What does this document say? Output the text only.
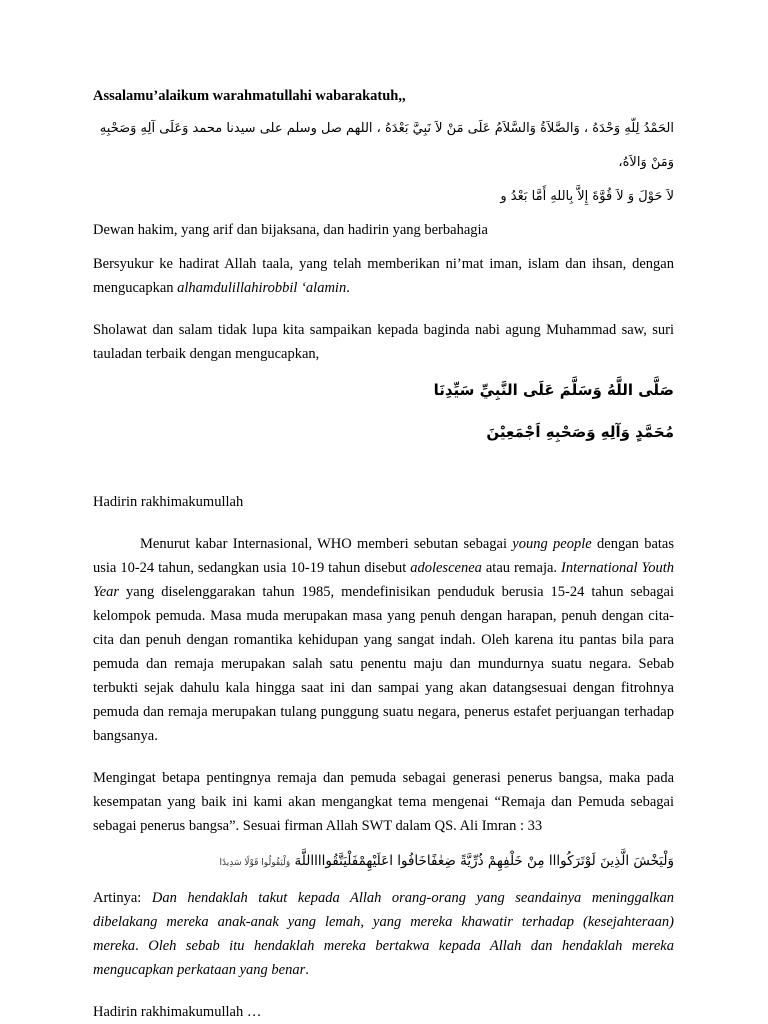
Assalamu’alaikum warahmatullahi wabarakatuh,,

الحَمْدُ لِلّهِ وَحْدَهُ ، وَالصَّلاَةُ وَالسَّلاَمُ عَلَى مَنْ لاَ نَبِيَّ بَعْدَهُ ، اللهم صل وسلم على سيدنا محمد وَعَلَى آلِهِ وَصَحْبِهِ وَمَنْ وَالاَهُ،

لاَ حَوْلَ وَ لاَ قُوَّةَ إِلاَّ بِاللهِ أَمَّا بَعْدُ و

Dewan hakim, yang arif dan bijaksana, dan hadirin yang berbahagia

Bersyukur ke hadirat Allah taala, yang telah memberikan ni’mat iman, islam dan ihsan, dengan mengucapkan alhamdulillahirobbil ‘alamin.

Sholawat dan salam tidak lupa kita sampaikan kepada baginda nabi agung Muhammad saw, suri tauladan terbaik dengan mengucapkan,

صَلَّى اللَّهُ وَسَلَّمَ عَلَى النَّبِيِّ سَيِّدِنَا

مُحَمَّدٍ وَآلِهِ وَصَحْبِهِ اَجْمَعِيْنَ

Hadirin rakhimakumullah

Menurut kabar Internasional, WHO memberi sebutan sebagai young people dengan batas usia 10-24 tahun, sedangkan usia 10-19 tahun disebut adolescenea atau remaja. International Youth Year yang diselenggarakan tahun 1985, mendefinisikan penduduk berusia 15-24 tahun sebagai kelompok pemuda. Masa muda merupakan masa yang penuh dengan harapan, penuh dengan cita-cita dan penuh dengan romantika kehidupan yang sangat indah. Oleh karena itu pantas bila para pemuda dan remaja merupakan salah satu penentu maju dan mundurnya suatu negara. Sebab terbukti sejak dahulu kala hingga saat ini dan sampai yang akan datangsesuai dengan fitrohnya pemuda dan remaja merupakan tulang punggung suatu negara, penerus estafet perjuangan terhadap bangsanya.

Mengingat betapa pentingnya remaja dan pemuda sebagai generasi penerus bangsa, maka pada kesempatan yang baik ini kami akan mengangkat tema mengenai “Remaja dan Pemuda sebagai sebagai penerus bangsa”. Sesuai firman Allah SWT dalam QS. Ali Imran : 33

وَلْيَخْشَ الَّذِينَ لَوْتَرَكُوااا مِنْ خَلْفِهِمْ ذُرِّيَّةً ضِعٰفًاخَافُوا اعَلَيْهِمْفَلْيَتَّقُوااااللَّهَ وَلْيَقُولُوا قَوْلًا سَدِيدًا

Artinya: Dan hendaklah takut kepada Allah orang-orang yang seandainya meninggalkan dibelakang mereka anak-anak yang lemah, yang mereka khawatir terhadap (kesejahteraan) mereka. Oleh sebab itu hendaklah mereka bertakwa kepada Allah dan hendaklah mereka mengucapkan perkataan yang benar.

Hadirin rakhimakumullah …
